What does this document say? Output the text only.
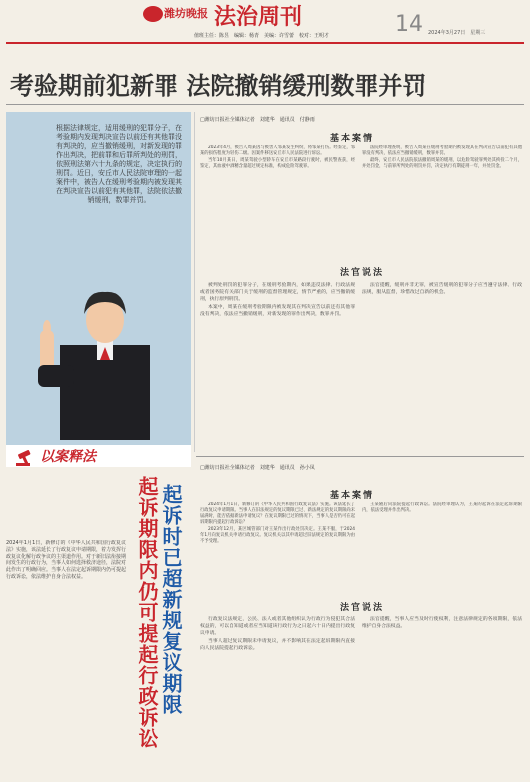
潍坊晚报 法治周刊
值班主任：陈昱　编辑：杨青　美编：许雪蕾　校对：王明才	14 2024年3月27日　星期三
考验期前犯新罪 法院撤销缓刑数罪并罚
根据法律规定，适用缓刑的犯罪分子，在考验期内发现判决宣告以前还有其他罪没有判决的，应当撤销缓刑，对新发现的罪作出判决，把前罪和后罪所判处的刑罚，依照刑法第六十九条的规定，决定执行的刑罚。近日，安丘市人民法院审理的一起案件中，被告人在缓刑考验期内被发现其在判决宣告以前犯有其他罪，法院依法撤销缓刑，数罪并罚。
□潍坊日报社全媒体记者　刘建华　通讯员　付静雨
基本案情

2023年4月，被告人周某因与被害人邹某发生纠纷，将邹某打伤。经鉴定，邹某的损伤程度为轻伤二级。因案件移送安丘市人民法院进行诉讼。

当年10月某日，周某驾驶小型轿车在安丘市某路段行驶时，被民警查获，经鉴定，其血液中酒精含量超过规定标准，构成危险驾驶罪。

法院经审理查明，被告人周某在缓刑考验期内被发现其在判决宣告以前犯有其他罪没有判决，依法应当撤销缓刑，数罪并罚。

最终，安丘市人民法院依法撤销周某的缓刑，以危险驾驶罪判处其拘役二个月，并处罚金，与前罪所判处的刑罚并罚，决定执行有期徒刑一年，并处罚金。

法官说法

被判处刑罚的犯罪分子，在缓刑考验期内，如果违反法律、行政法规或者国务院有关部门关于缓刑的监督管理规定，情节严重的，应当撤销缓刑，执行原判刑罚。

本案中，周某在缓刑考验期限内被发现其在判决宣告以前还有其他罪没有判决，依法应当撤销缓刑，对新发现的罪作出判决，数罪并罚。

法官提醒，缓刑并非无罪，被宣告缓刑的犯罪分子应当遵守法律、行政法规，服从监督，珍惜改过自新的机会。

以案释法
起诉期限内仍可提起行政诉讼 起诉时已超新规复议期限
2024年1月1日，新修订的《中华人民共和国行政复议法》实施，该法延长了行政复议申请期限，着力发挥行政复议化解行政争议的主渠道作用。对于新旧法衔接期间发生的行政行为，当事人如何选择救济途径，法院对此作出了明确回应。当事人在法定起诉期限内仍可提起行政诉讼，依法维护自身合法权益。
□潍坊日报社全媒体记者　刘建华　通讯员　孙小凤
基本案情

2024年1月1日，新修订的《中华人民共和国行政复议法》实施。该法延长了行政复议申请期限。当事人在旧法规定的复议期限已过、新法规定的复议期限尚未届满时，能否依据新法申请复议？在复议期限已过的情况下，当事人是否仍可在起诉期限内提起行政诉讼？

2023年12月，某区城管部门对王某作出行政处罚决定。王某不服，于2024年1月向复议机关申请行政复议。复议机关以其申请超过旧法规定的复议期限为由不予受理。

王某随后向法院提起行政诉讼。法院经审理认为，王某的起诉在法定起诉期限内，依法受理并作出判决。

法官说法

行政复议法规定，公民、法人或者其他组织认为行政行为侵犯其合法权益的，可以自知道或者应当知道该行政行为之日起六十日内提出行政复议申请。

当事人超过复议期限未申请复议，并不影响其在法定起诉期限内直接向人民法院提起行政诉讼。

法官提醒，当事人应当及时行使权利，注意法律规定的各项期限，依法维护自身合法权益。
